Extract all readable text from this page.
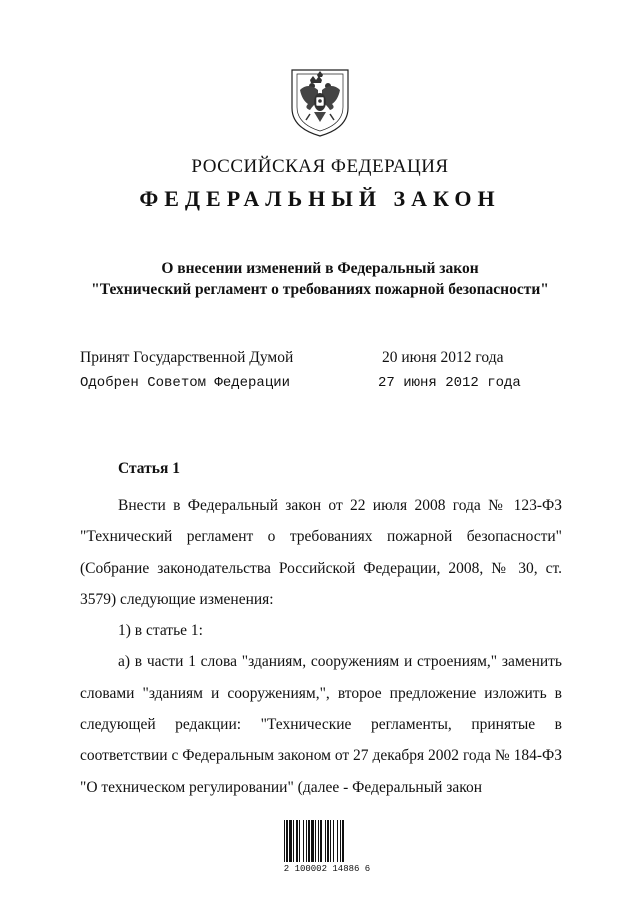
РОССИЙСКАЯ ФЕДЕРАЦИЯ
ФЕДЕРАЛЬНЫЙ ЗАКОН
О внесении изменений в Федеральный закон
"Технический регламент о требованиях пожарной безопасности"
Принят Государственной Думой	20 июня 2012 года
Одобрен Советом Федерации	27 июня 2012 года
Статья 1

Внести в Федеральный закон от 22 июля 2008 года № 123-ФЗ "Технический регламент о требованиях пожарной безопасности" (Собрание законодательства Российской Федерации, 2008, № 30, ст. 3579) следующие изменения:

1) в статье 1:

а) в части 1 слова "зданиям, сооружениям и строениям," заменить словами "зданиям и сооружениям,", второе предложение изложить в следующей редакции: "Технические регламенты, принятые в соответствии с Федеральным законом от 27 декабря 2002 года № 184-ФЗ "О техническом регулировании" (далее - Федеральный закон

2 100002 14886 6
